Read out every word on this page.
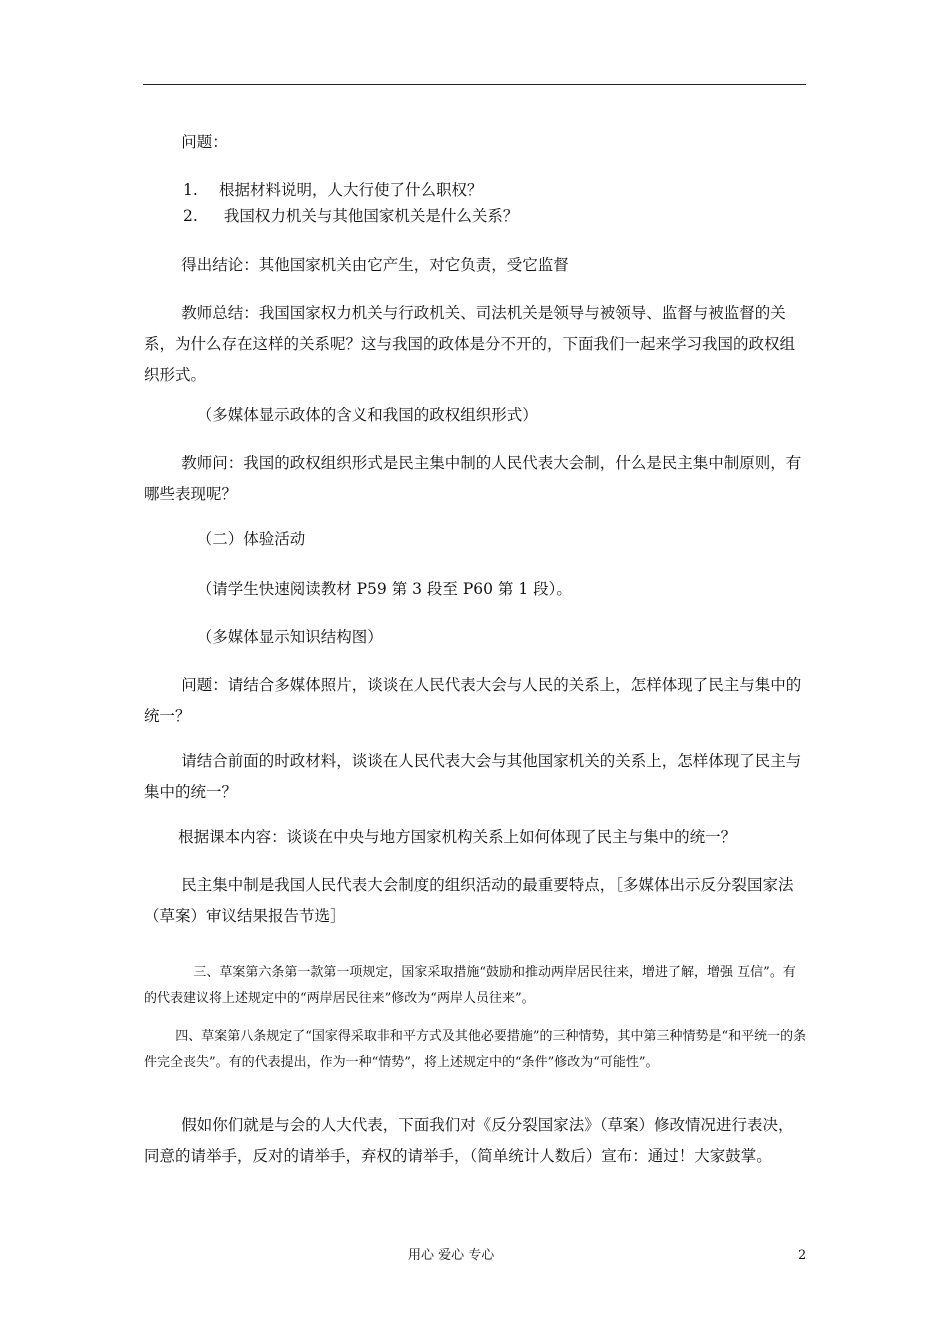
问题：

1. 根据材料说明，人大行使了什么职权？

2. 我国权力机关与其他国家机关是什么关系？

得出结论：其他国家机关由它产生，对它负责，受它监督

教师总结：我国国家权力机关与行政机关、司法机关是领导与被领导、监督与被监督的关系，为什么存在这样的关系呢？这与我国的政体是分不开的，下面我们一起来学习我国的政权组织形式。

（多媒体显示政体的含义和我国的政权组织形式）

教师问：我国的政权组织形式是民主集中制的人民代表大会制，什么是民主集中制原则，有哪些表现呢？

（二）体验活动

（请学生快速阅读教材 P59 第 3 段至 P60 第 1 段）。

（多媒体显示知识结构图）

问题：请结合多媒体照片，谈谈在人民代表大会与人民的关系上，怎样体现了民主与集中的统一？

请结合前面的时政材料，谈谈在人民代表大会与其他国家机关的关系上，怎样体现了民主与集中的统一？

根据课本内容：谈谈在中央与地方国家机构关系上如何体现了民主与集中的统一？

民主集中制是我国人民代表大会制度的组织活动的最重要特点，［多媒体出示反分裂国家法（草案）审议结果报告节选］

三、草案第六条第一款第一项规定，国家采取措施“鼓励和推动两岸居民往来，增进了解，增强 互信”。有的代表建议将上述规定中的“两岸居民往来”修改为“两岸人员往来”。

四、草案第八条规定了“国家得采取非和平方式及其他必要措施”的三种情势，其中第三种情势是“和平统一的条件完全丧失”。有的代表提出，作为一种“情势”，将上述规定中的“条件”修改为“可能性”。

假如你们就是与会的人大代表，下面我们对《反分裂国家法》（草案）修改情况进行表决，同意的请举手，反对的请举手，弃权的请举手，（简单统计人数后）宣布：通过！大家鼓掌。

用心 爱心 专心	2
